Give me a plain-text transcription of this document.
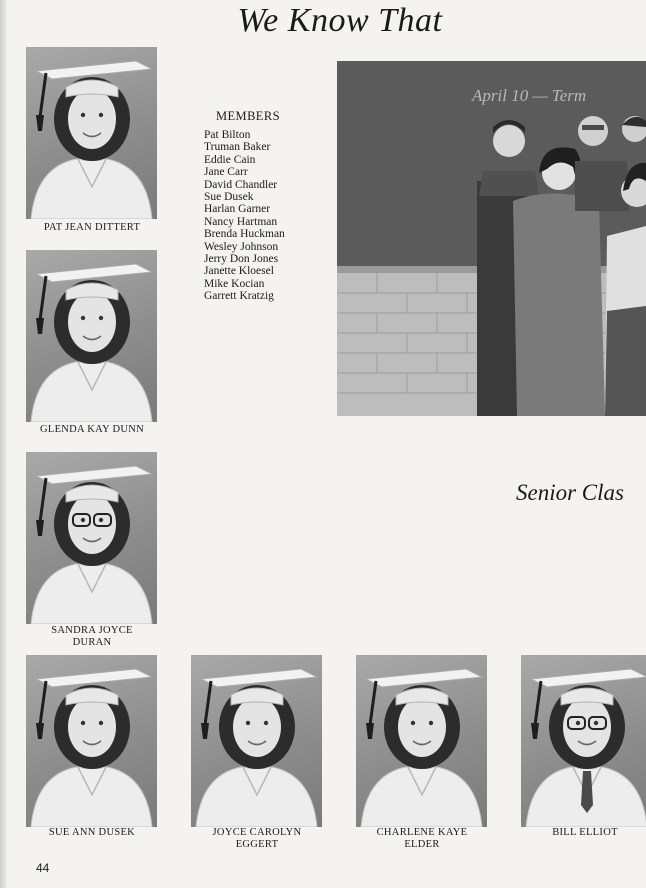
We Know That
PAT JEAN DITTERT
GLENDA KAY DUNN
SANDRA JOYCE
DURAN
SUE ANN DUSEK	JOYCE CAROLYN
EGGERT
CHARLENE KAYE
ELDER
BILL ELLIOT
MEMBERS
Pat Bilton
Truman Baker
Eddie Cain
Jane Carr
David Chandler
Sue Dusek
Harlan Garner
Nancy Hartman
Brenda Huckman
Wesley Johnson
Jerry Don Jones
Janette Kloesel
Mike Kocian
Garrett Kratzig
April 10 — Term
Senior Clas
44
